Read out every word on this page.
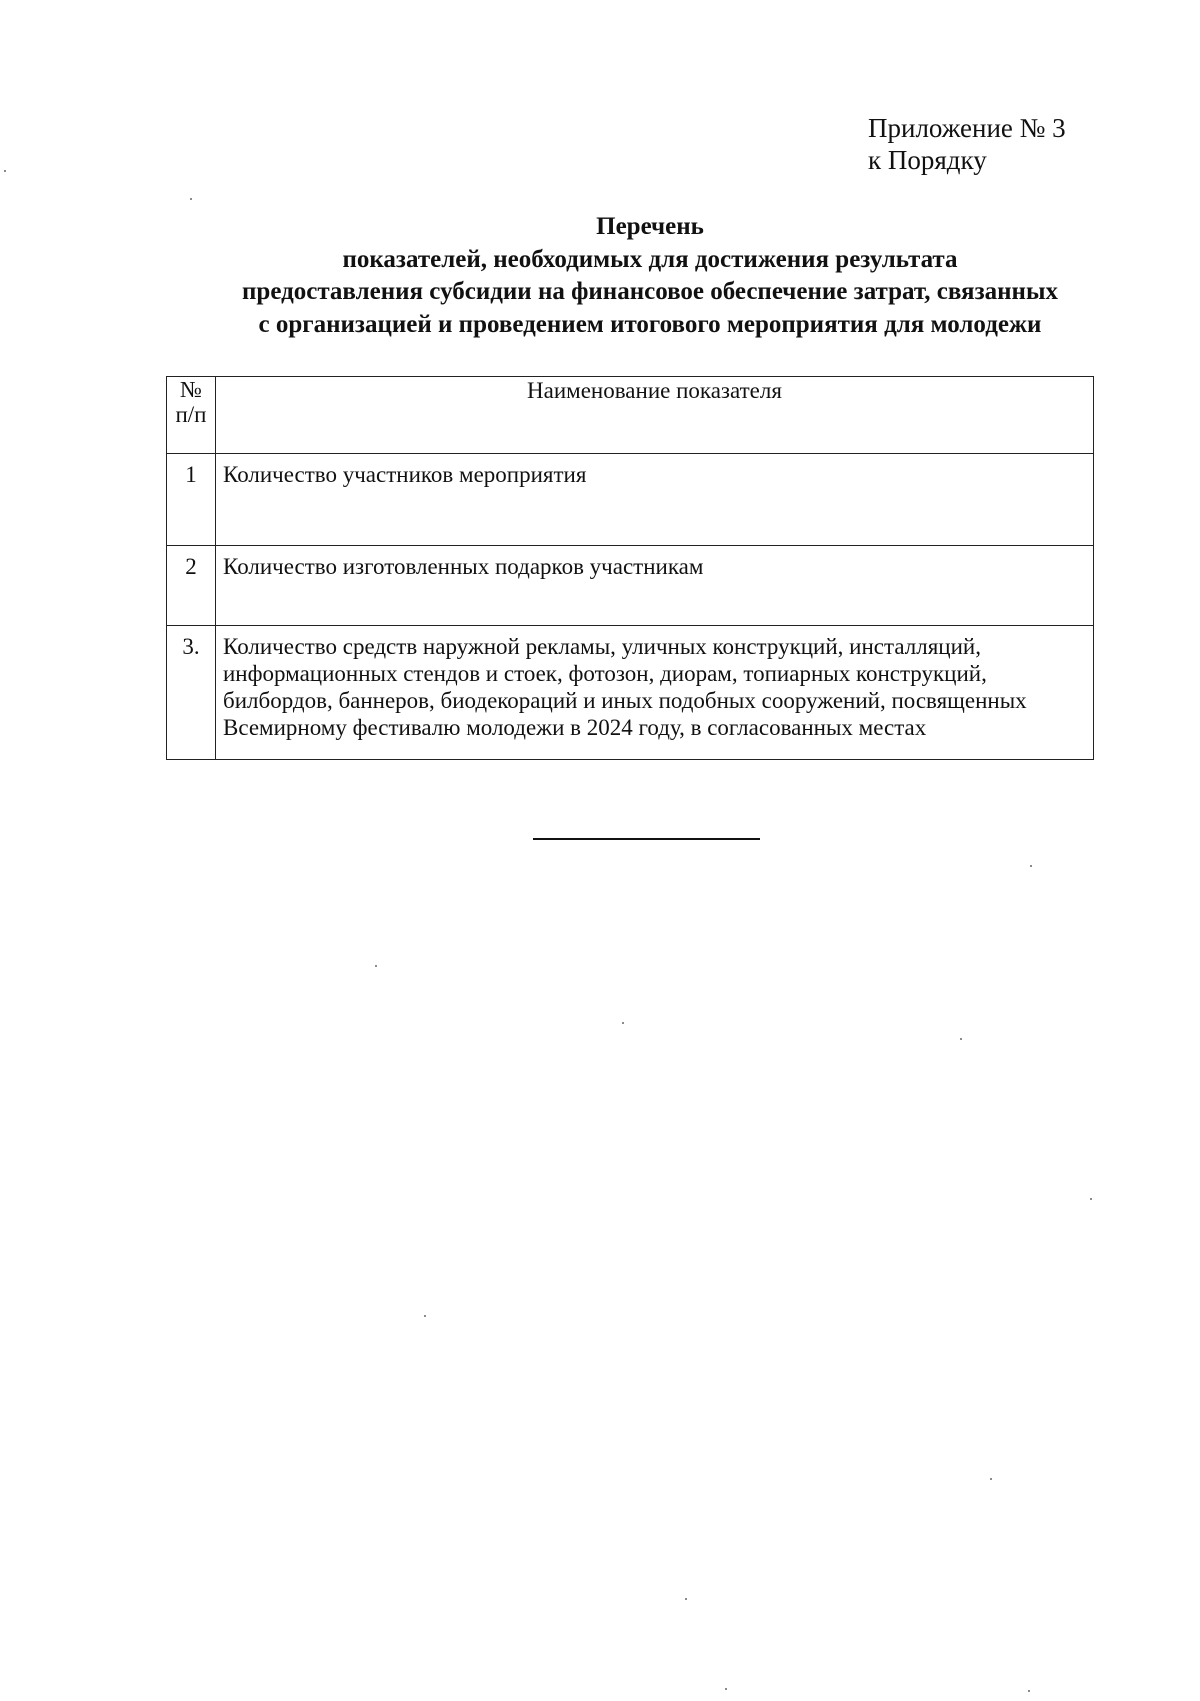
Приложение № 3
к Порядку
Перечень
показателей, необходимых для достижения результата
предоставления субсидии на финансовое обеспечение затрат, связанных
с организацией и проведением итогового мероприятия для молодежи
№
п/п	Наименование показателя
1	Количество участников мероприятия
2	Количество изготовленных подарков участникам
3.	Количество средств наружной рекламы, уличных конструкций, инсталляций,
информационных стендов и стоек, фотозон, диорам, топиарных конструкций,
билбордов, баннеров, биодекораций и иных подобных сооружений, посвященных
Всемирному фестивалю молодежи в 2024 году, в согласованных местах
